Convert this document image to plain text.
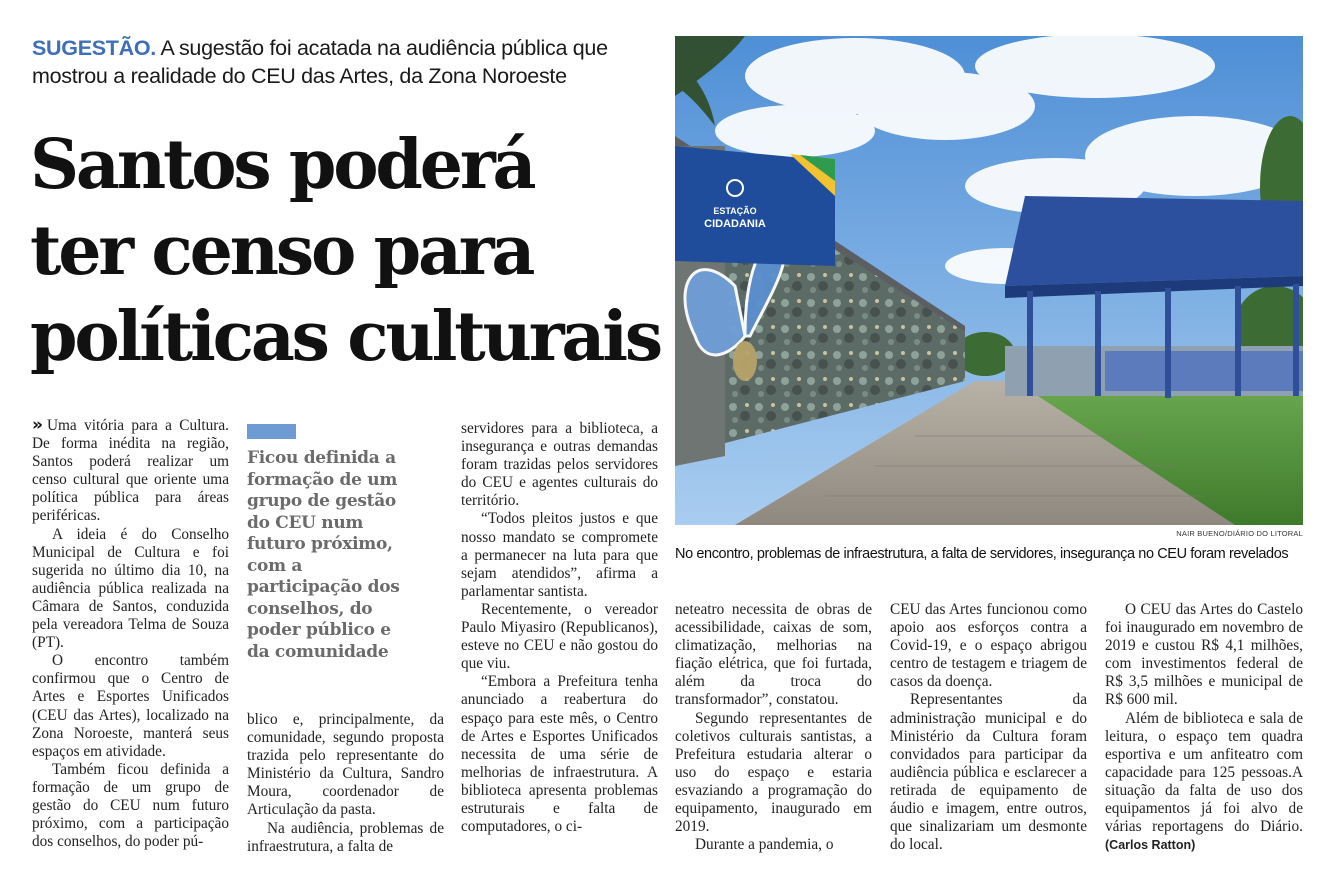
SUGESTÃO. A sugestão foi acatada na audiência pública que mostrou a realidade do CEU das Artes, da Zona Noroeste
Santos poderá
ter censo para
políticas culturais

» Uma vitória para a Cultura. De forma inédita na região, Santos poderá realizar um censo cultural que oriente uma política pública para áreas periféricas.

A ideia é do Conselho Municipal de Cultura e foi sugerida no último dia 10, na audiência pública realizada na Câmara de Santos, conduzida pela vereadora Telma de Souza (PT).

O encontro também confirmou que o Centro de Artes e Esportes Unificados (CEU das Artes), localizado na Zona Noroeste, manterá seus espaços em atividade.

Também ficou definida a formação de um grupo de gestão do CEU num futuro próximo, com a participação dos conselhos, do poder pú-

Ficou definida a formação de um grupo de gestão do CEU num futuro próximo, com a participação dos conselhos, do poder público e da comunidade

blico e, principalmente, da comunidade, segundo proposta trazida pelo representante do Ministério da Cultura, Sandro Moura, coordenador de Articulação da pasta.

Na audiência, problemas de infraestrutura, a falta de

servidores para a biblioteca, a insegurança e outras demandas foram trazidas pelos servidores do CEU e agentes culturais do território.

“Todos pleitos justos e que nosso mandato se compromete a permanecer na luta para que sejam atendidos”, afirma a parlamentar santista.

Recentemente, o vereador Paulo Miyasiro (Republicanos), esteve no CEU e não gostou do que viu.

“Embora a Prefeitura tenha anunciado a reabertura do espaço para este mês, o Centro de Artes e Esportes Unificados necessita de uma série de melhorias de infraestrutura. A biblioteca apresenta problemas estruturais e falta de computadores, o ci-

neteatro necessita de obras de acessibilidade, caixas de som, climatização, melhorias na fiação elétrica, que foi furtada, além da troca do transformador”, constatou.

Segundo representantes de coletivos culturais santistas, a Prefeitura estudaria alterar o uso do espaço e estaria esvaziando a programação do equipamento, inaugurado em 2019.

Durante a pandemia, o

CEU das Artes funcionou como apoio aos esforços contra a Covid-19, e o espaço abrigou centro de testagem e triagem de casos da doença.

Representantes da administração municipal e do Ministério da Cultura foram convidados para participar da audiência pública e esclarecer a retirada de equipamento de áudio e imagem, entre outros, que sinalizariam um desmonte do local.

O CEU das Artes do Castelo foi inaugurado em novembro de 2019 e custou R$ 4,1 milhões, com investimentos federal de R$ 3,5 milhões e municipal de R$ 600 mil.

Além de biblioteca e sala de leitura, o espaço tem quadra esportiva e um anfiteatro com capacidade para 125 pessoas.A situação da falta de uso dos equipamentos já foi alvo de várias reportagens do Diário. (Carlos Ratton)

ESTAÇÃO
CIDADANIA
NAIR BUENO/DIÁRIO DO LITORAL
No encontro, problemas de infraestrutura, a falta de servidores, insegurança no CEU foram revelados
